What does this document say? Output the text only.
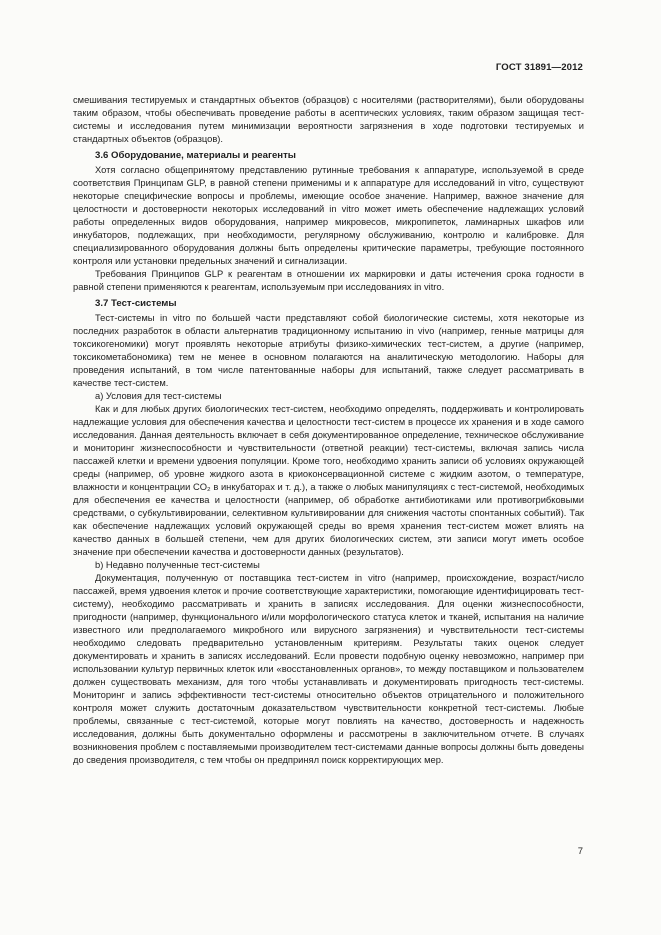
ГОСТ 31891—2012

смешивания тестируемых и стандартных объектов (образцов) с носителями (растворителями), были оборудованы таким образом, чтобы обеспечивать проведение работы в асептических условиях, таким образом защищая тест-системы и исследования путем минимизации вероятности загрязнения в ходе подготовки тестируемых и стандартных объектов (образцов).

3.6 Оборудование, материалы и реагенты

Хотя согласно общепринятому представлению рутинные требования к аппаратуре, используемой в среде соответствия Принципам GLP, в равной степени применимы и к аппаратуре для исследований in vitro, существуют некоторые специфические вопросы и проблемы, имеющие особое значение. Например, важное значение для целостности и достоверности некоторых исследований in vitro может иметь обеспечение надлежащих условий работы определенных видов оборудования, например микровесов, микропипеток, ламинарных шкафов или инкубаторов, подлежащих, при необходимости, регулярному обслуживанию, контролю и калибровке. Для специализированного оборудования должны быть определены критические параметры, требующие постоянного контроля или установки предельных значений и сигнализации.

Требования Принципов GLP к реагентам в отношении их маркировки и даты истечения срока годности в равной степени применяются к реагентам, используемым при исследованиях in vitro.

3.7 Тест-системы

Тест-системы in vitro по большей части представляют собой биологические системы, хотя некоторые из последних разработок в области альтернатив традиционному испытанию in vivo (например, генные матрицы для токсикогеномики) могут проявлять некоторые атрибуты физико-химических тест-систем, а другие (например, токсикометабономика) тем не менее в основном полагаются на аналитическую методологию. Наборы для проведения испытаний, в том числе патентованные наборы для испытаний, также следует рассматривать в качестве тест-систем.

а) Условия для тест-системы

Как и для любых других биологических тест-систем, необходимо определять, поддерживать и контролировать надлежащие условия для обеспечения качества и целостности тест-систем в процессе их хранения и в ходе самого исследования. Данная деятельность включает в себя документированное определение, техническое обслуживание и мониторинг жизнеспособности и чувствительности (ответной реакции) тест-системы, включая запись числа пассажей клетки и времени удвоения популяции. Кроме того, необходимо хранить записи об условиях окружающей среды (например, об уровне жидкого азота в криоконсервационной системе с жидким азотом, о температуре, влажности и концентрации CO₂ в инкубаторах и т. д.), а также о любых манипуляциях с тест-системой, необходимых для обеспечения ее качества и целостности (например, об обработке антибиотиками или противогрибковыми средствами, о субкультивировании, селективном культивировании для снижения частоты спонтанных событий). Так как обеспечение надлежащих условий окружающей среды во время хранения тест-систем может влиять на качество данных в большей степени, чем для других биологических систем, эти записи могут иметь особое значение при обеспечении качества и достоверности данных (результатов).

b) Недавно полученные тест-системы

Документация, полученную от поставщика тест-систем in vitro (например, происхождение, возраст/число пассажей, время удвоения клеток и прочие соответствующие характеристики, помогающие идентифицировать тест-систему), необходимо рассматривать и хранить в записях исследования. Для оценки жизнеспособности, пригодности (например, функционального и/или морфологического статуса клеток и тканей, испытания на наличие известного или предполагаемого микробного или вирусного загрязнения) и чувствительности тест-системы необходимо следовать предварительно установленным критериям. Результаты таких оценок следует документировать и хранить в записях исследований. Если провести подобную оценку невозможно, например при использовании культур первичных клеток или «восстановленных органов», то между поставщиком и пользователем должен существовать механизм, для того чтобы устанавливать и документировать пригодность тест-системы. Мониторинг и запись эффективности тест-системы относительно объектов отрицательного и положительного контроля может служить достаточным доказательством чувствительности конкретной тест-системы. Любые проблемы, связанные с тест-системой, которые могут повлиять на качество, достоверность и надежность исследования, должны быть документально оформлены и рассмотрены в заключительном отчете. В случаях возникновения проблем с поставляемыми производителем тест-системами данные вопросы должны быть доведены до сведения производителя, с тем чтобы он предпринял поиск корректирующих мер.

7
